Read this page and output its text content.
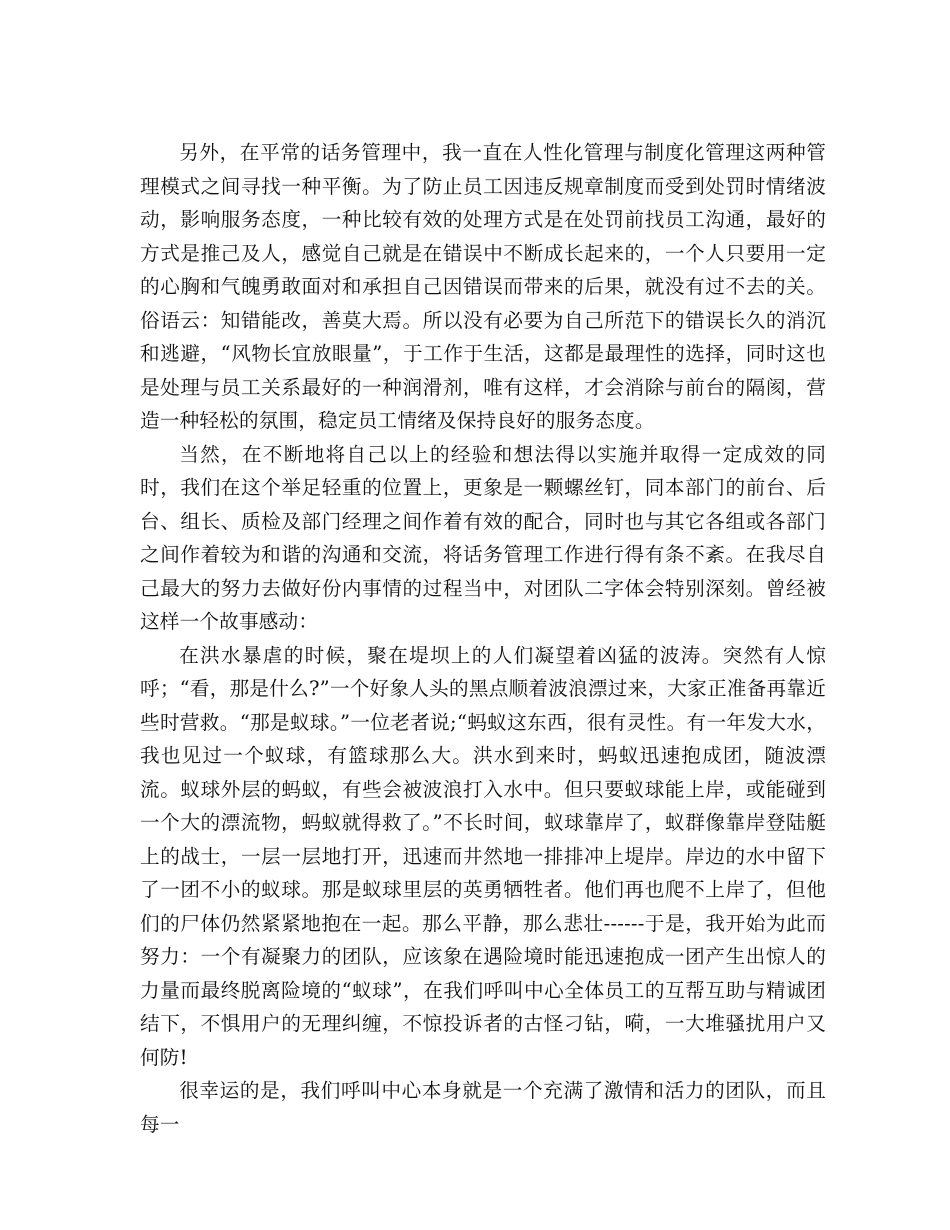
另外，在平常的话务管理中，我一直在人性化管理与制度化管理这两种管理模式之间寻找一种平衡。为了防止员工因违反规章制度而受到处罚时情绪波动，影响服务态度，一种比较有效的处理方式是在处罚前找员工沟通，最好的方式是推己及人，感觉自己就是在错误中不断成长起来的，一个人只要用一定的心胸和气魄勇敢面对和承担自己因错误而带来的后果，就没有过不去的关。俗语云：知错能改，善莫大焉。所以没有必要为自己所范下的错误长久的消沉和逃避，“风物长宜放眼量”，于工作于生活，这都是最理性的选择，同时这也是处理与员工关系最好的一种润滑剂，唯有这样，才会消除与前台的隔阂，营造一种轻松的氛围，稳定员工情绪及保持良好的服务态度。

当然，在不断地将自己以上的经验和想法得以实施并取得一定成效的同时，我们在这个举足轻重的位置上，更象是一颗螺丝钉，同本部门的前台、后台、组长、质检及部门经理之间作着有效的配合，同时也与其它各组或各部门之间作着较为和谐的沟通和交流，将话务管理工作进行得有条不紊。在我尽自己最大的努力去做好份内事情的过程当中，对团队二字体会特别深刻。曾经被这样一个故事感动：

在洪水暴虐的时候，聚在堤坝上的人们凝望着凶猛的波涛。突然有人惊呼；“看，那是什么?”一个好象人头的黑点顺着波浪漂过来，大家正准备再靠近些时营救。“那是蚁球。”一位老者说;“蚂蚁这东西，很有灵性。有一年发大水，我也见过一个蚁球，有篮球那么大。洪水到来时，蚂蚁迅速抱成团，随波漂流。蚁球外层的蚂蚁，有些会被波浪打入水中。但只要蚁球能上岸，或能碰到一个大的漂流物，蚂蚁就得救了。”不长时间，蚁球靠岸了，蚁群像靠岸登陆艇上的战士，一层一层地打开，迅速而井然地一排排冲上堤岸。岸边的水中留下了一团不小的蚁球。那是蚁球里层的英勇牺牲者。他们再也爬不上岸了，但他们的尸体仍然紧紧地抱在一起。那么平静，那么悲壮------于是，我开始为此而努力：一个有凝聚力的团队，应该象在遇险境时能迅速抱成一团产生出惊人的力量而最终脱离险境的“蚁球”，在我们呼叫中心全体员工的互帮互助与精诚团结下，不惧用户的无理纠缠，不惊投诉者的古怪刁钻，嗬，一大堆骚扰用户又何防!

很幸运的是，我们呼叫中心本身就是一个充满了激情和活力的团队，而且每一
